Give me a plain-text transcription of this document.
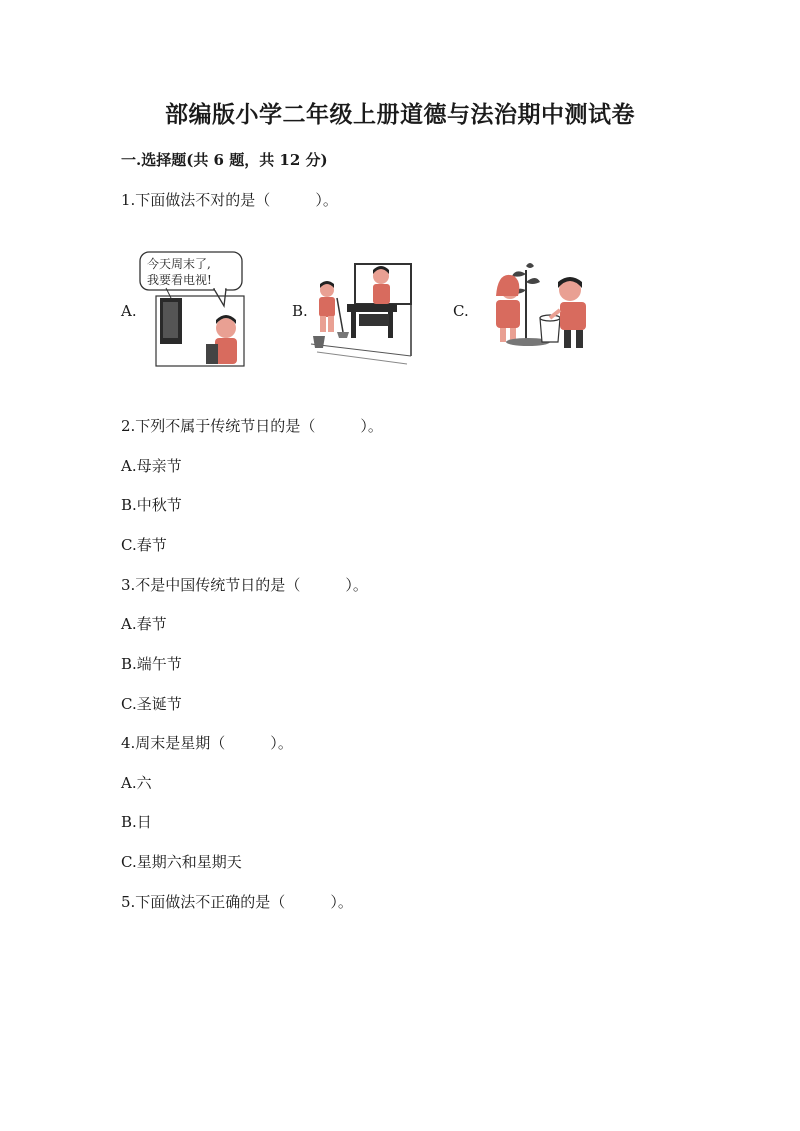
部编版小学二年级上册道德与法治期中测试卷
一.选择题(共 6 题，共 12 分)
1.下面做法不对的是（　　　）。
A.
今天周末了,
我要看电视!
B.	C.
2.下列不属于传统节日的是（　　　）。
A.母亲节
B.中秋节
C.春节
3.不是中国传统节日的是（　　　）。
A.春节
B.端午节
C.圣诞节
4.周末是星期（　　　）。
A.六
B.日
C.星期六和星期天
5.下面做法不正确的是（　　　）。
